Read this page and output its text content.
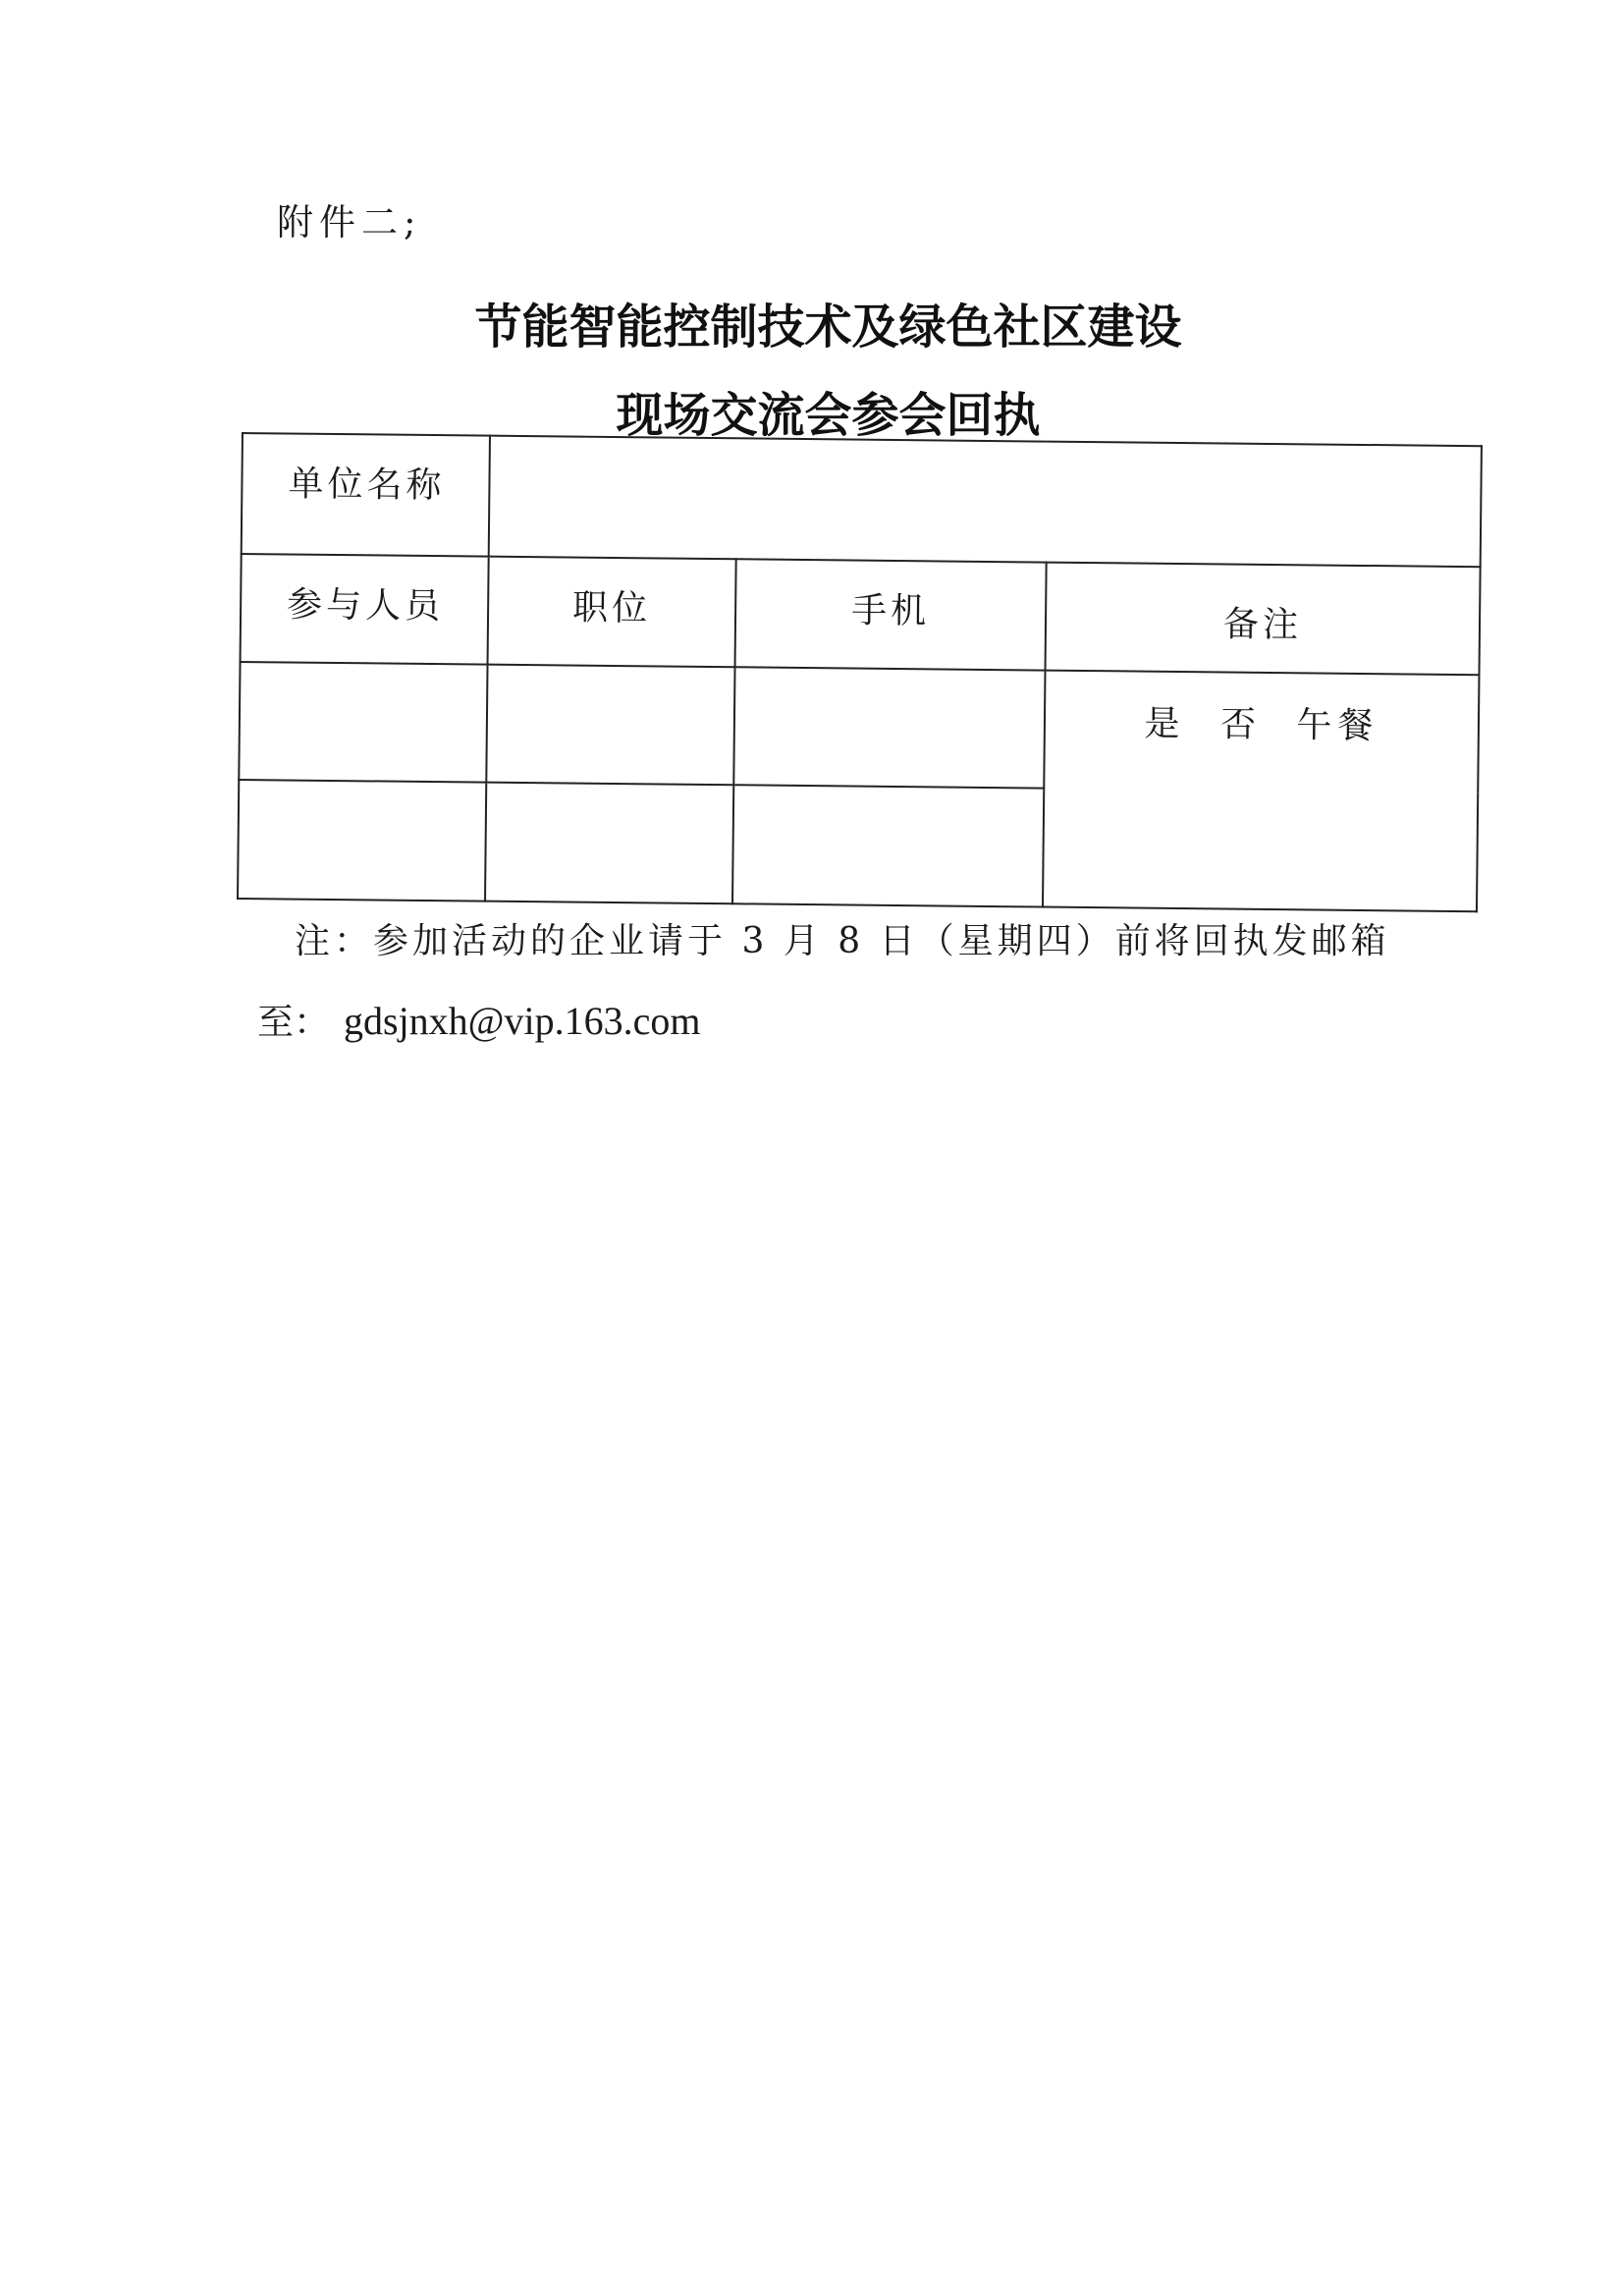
附件二;
节能智能控制技术及绿色社区建设
现场交流会参会回执
单位名称			
参与人员	职位	手机	备注
			是 否 午餐

注：参加活动的企业请于 3 月 8 日（星期四）前将回执发邮箱
至： gdsjnxh@vip.163.com
